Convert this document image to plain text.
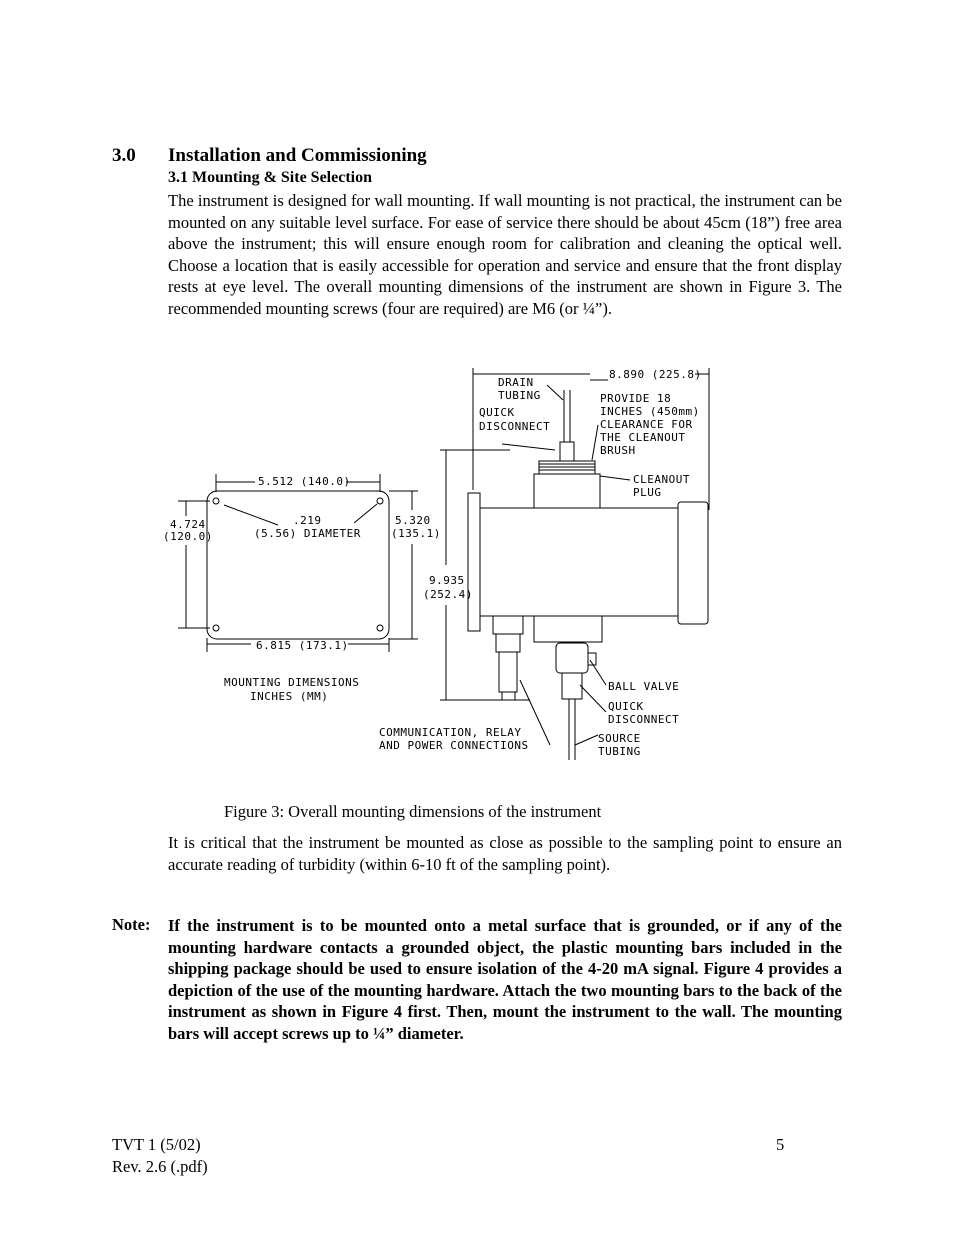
3.0 Installation and Commissioning
3.1 Mounting & Site Selection
The instrument is designed for wall mounting. If wall mounting is not practical, the instrument can be mounted on any suitable level surface. For ease of service there should be about 45cm (18”) free area above the instrument; this will ensure enough room for calibration and cleaning the optical well. Choose a location that is easily accessible for operation and service and ensure that the front display rests at eye level. The overall mounting dimensions of the instrument are shown in Figure 3. The recommended mounting screws (four are required) are M6 (or ¼”).
5.512 (140.0)
.219
(5.56) DIAMETER
4.724
(120.0)
5.320
(135.1)
6.815 (173.1)
MOUNTING DIMENSIONS
INCHES (MM)
9.935
(252.4)
8.890 (225.8)
DRAIN
TUBING
QUICK
DISCONNECT
PROVIDE 18
INCHES (450mm)
CLEARANCE FOR
THE CLEANOUT
BRUSH
CLEANOUT
PLUG
BALL VALVE
QUICK
DISCONNECT
COMMUNICATION, RELAY
AND POWER CONNECTIONS
SOURCE
TUBING
Figure 3: Overall mounting dimensions of the instrument
It is critical that the instrument be mounted as close as possible to the sampling point to ensure an accurate reading of turbidity (within 6-10 ft of the sampling point).
Note: If the instrument is to be mounted onto a metal surface that is grounded, or if any of the mounting hardware contacts a grounded object, the plastic mounting bars included in the shipping package should be used to ensure isolation of the 4-20 mA signal. Figure 4 provides a depiction of the use of the mounting hardware. Attach the two mounting bars to the back of the instrument as shown in Figure 4 first. Then, mount the instrument to the wall. The mounting bars will accept screws up to ¼” diameter.
TVT 1 (5/02)
Rev. 2.6 (.pdf)
5
